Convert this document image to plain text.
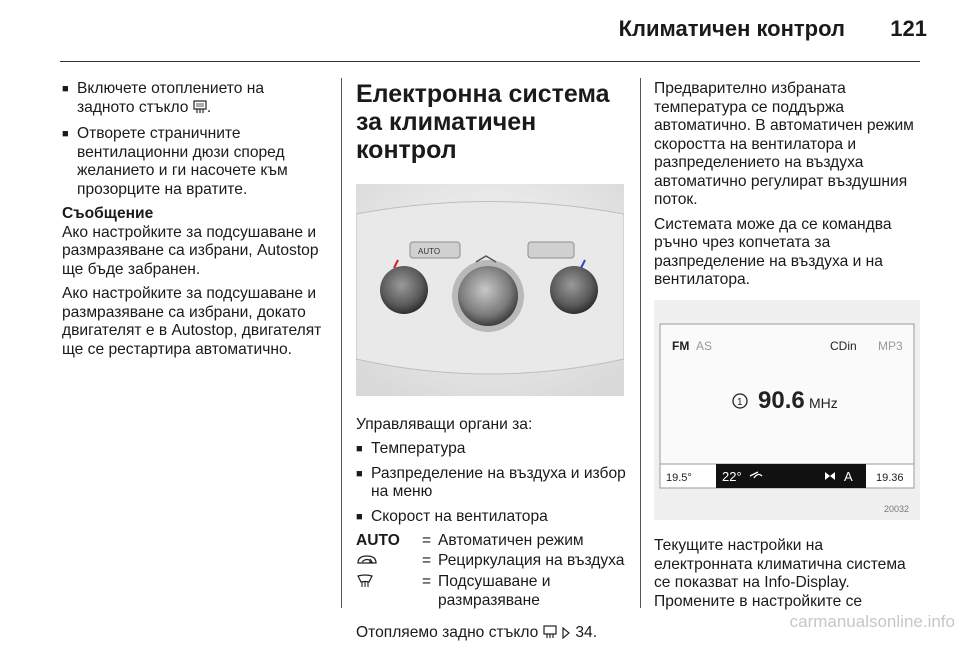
Климатичен контрол	121
■ Включете отоплението на задното стъкло .
■ Отворете страничните вентилационни дюзи според желанието и ги насочете към прозорците на вратите.
Съобщение

Ако настройките за подсушаване и размразяване са избрани, Autostop ще бъде забранен.

Ако настройките за подсушаване и размразяване са избрани, докато двигателят е в Autostop, двигателят ще се рестартира автоматично.

Електронна система за климатичен контрол
AUTO

Управляващи органи за:

■ Температура
■ Разпределение на въздуха и избор на меню
■ Скорост на вентилатора
AUTO	= Автоматичен режим
= Рециркулация на въздуха
= Подсушаване и размразяване

Отопляемо задно стъкло 34.

Предварително избраната температура се поддържа автоматично. В автоматичен режим скоростта на вентилатора и разпределението на въздуха автоматично регулират въздушния поток.

Системата може да се командва ръчно чрез копчетата за разпределение на въздуха и на вентилатора.

FM AS	CDin MP3
1 90.6 MHz
19.5° 22°	A 19.36
20032

Текущите настройки на електронната климатична система се показват на Info-Display. Промените в настройките се

carmanualsonline.info
